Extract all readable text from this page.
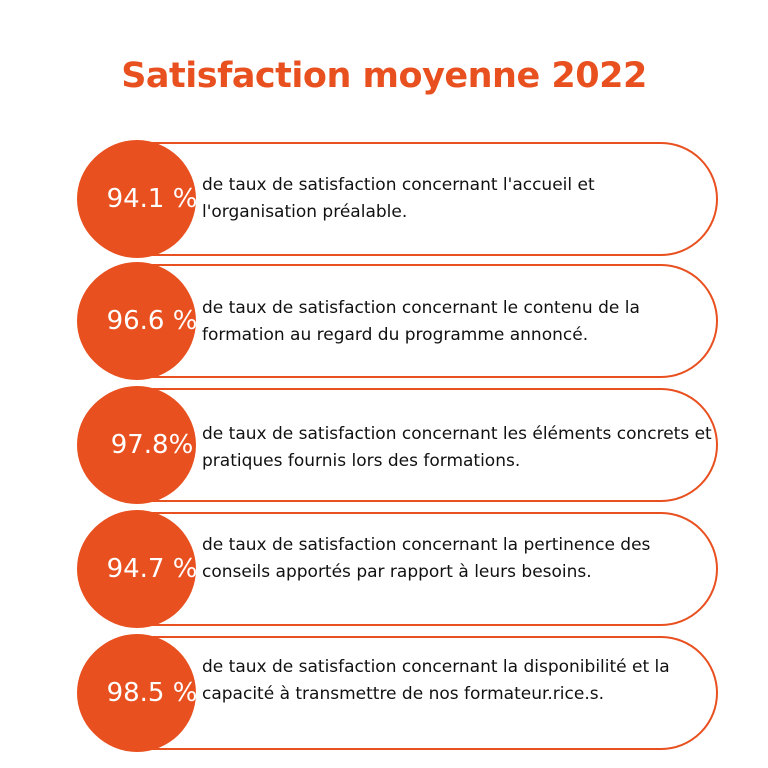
Satisfaction moyenne 2022
94.1 % de taux de satisfaction concernant l'accueil et l'organisation préalable.
96.6 % de taux de satisfaction concernant le contenu de la formation au regard du programme annoncé.
97.8% de taux de satisfaction concernant les éléments concrets et pratiques fournis lors des formations.
94.7 %
de taux de satisfaction concernant la pertinence des conseils apportés par rapport à leurs besoins.
98.5 %
de taux de satisfaction concernant la disponibilité et la capacité à transmettre de nos formateur.rice.s.
